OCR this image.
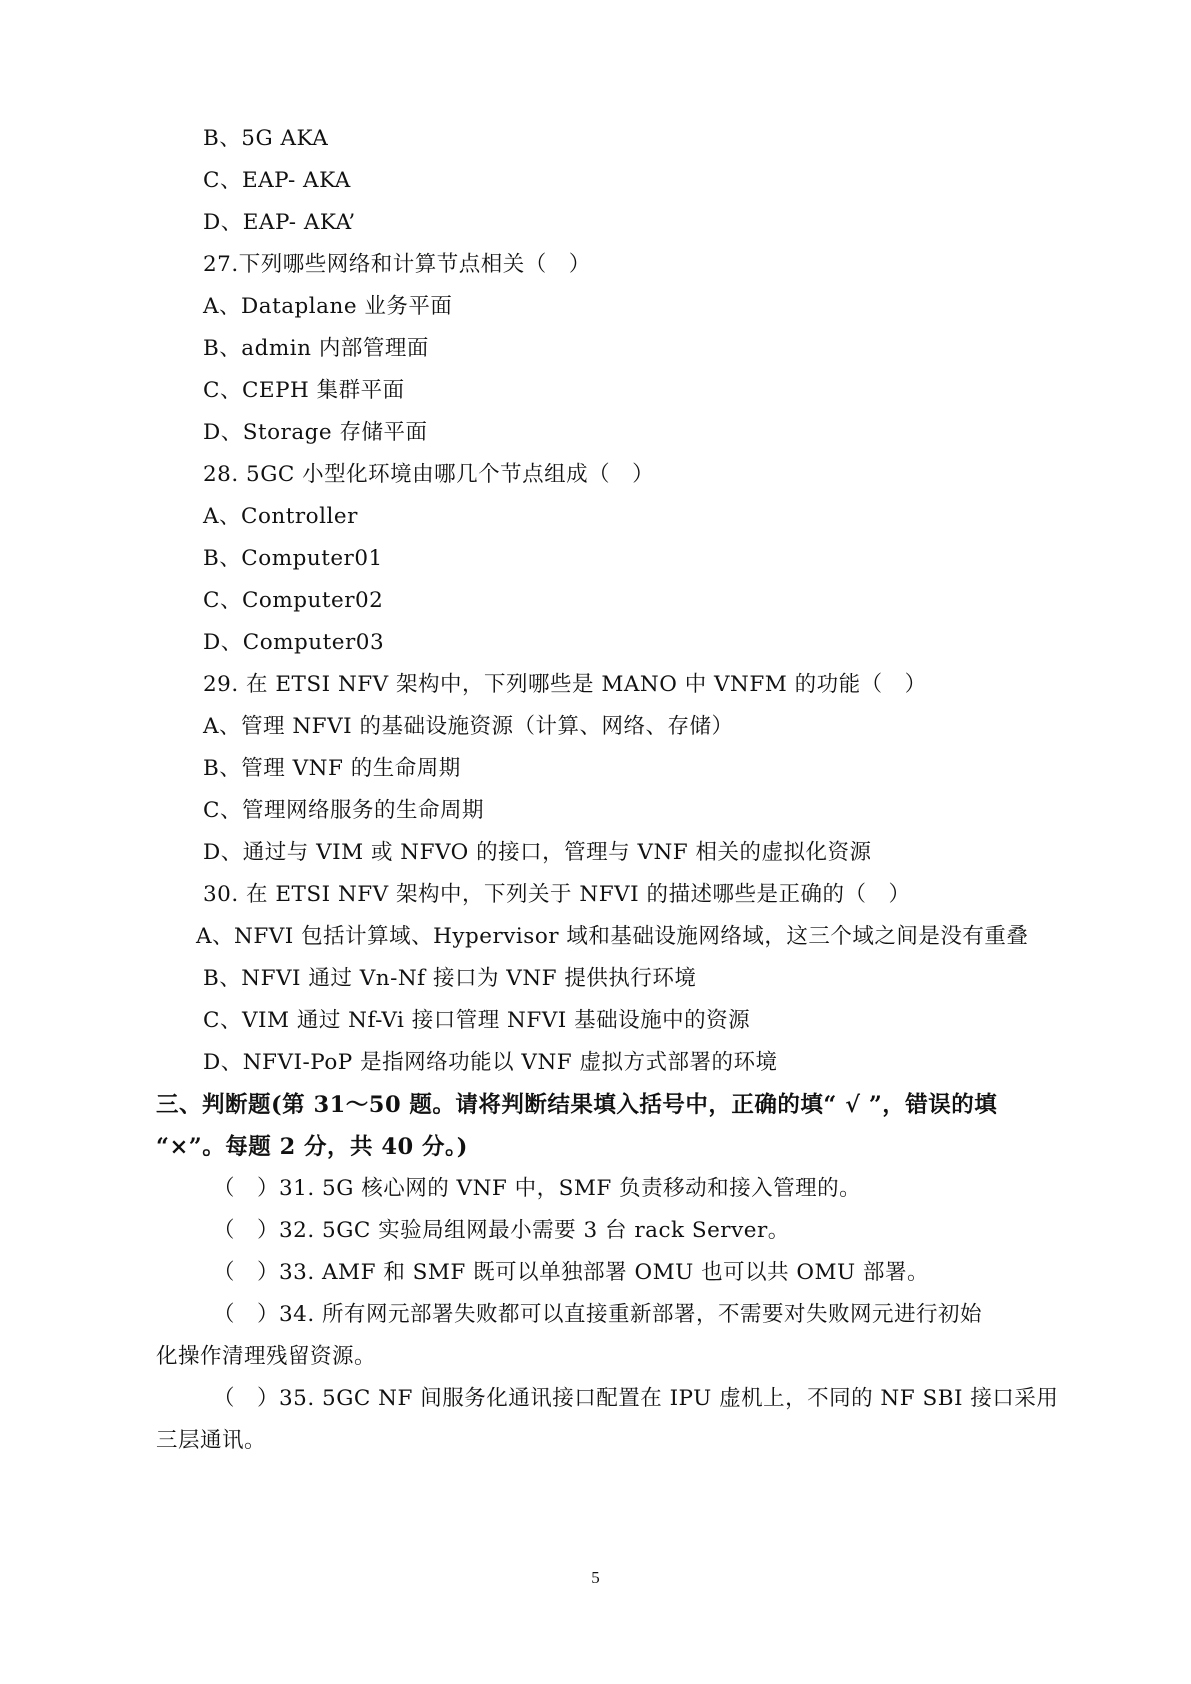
B、5G AKA
C、EAP- AKA
D、EAP- AKA’
27.下列哪些网络和计算节点相关（　）
A、Dataplane 业务平面
B、admin 内部管理面
C、CEPH 集群平面
D、Storage 存储平面
28. 5GC 小型化环境由哪几个节点组成（　）
A、Controller
B、Computer01
C、Computer02
D、Computer03
29. 在 ETSI NFV 架构中，下列哪些是 MANO 中 VNFM 的功能（　）
A、管理 NFVI 的基础设施资源（计算、网络、存储）
B、管理 VNF 的生命周期
C、管理网络服务的生命周期
D、通过与 VIM 或 NFVO 的接口，管理与 VNF 相关的虚拟化资源
30. 在 ETSI NFV 架构中，下列关于 NFVI 的描述哪些是正确的（　）
A、NFVI 包括计算域、Hypervisor 域和基础设施网络域，这三个域之间是没有重叠
B、NFVI 通过 Vn-Nf 接口为 VNF 提供执行环境
C、VIM 通过 Nf-Vi 接口管理 NFVI 基础设施中的资源
D、NFVI-PoP 是指网络功能以 VNF 虚拟方式部署的环境
三、判断题(第 31～50 题。请将判断结果填入括号中，正确的填“ √ ”，错误的填
“×”。每题 2 分，共 40 分。)
（　）31. 5G 核心网的 VNF 中，SMF 负责移动和接入管理的。
（　）32. 5GC 实验局组网最小需要 3 台 rack Server。
（　）33. AMF 和 SMF 既可以单独部署 OMU 也可以共 OMU 部署。
（　）34. 所有网元部署失败都可以直接重新部署，不需要对失败网元进行初始
化操作清理残留资源。
（　）35. 5GC NF 间服务化通讯接口配置在 IPU 虚机上，不同的 NF SBI 接口采用
三层通讯。
5
